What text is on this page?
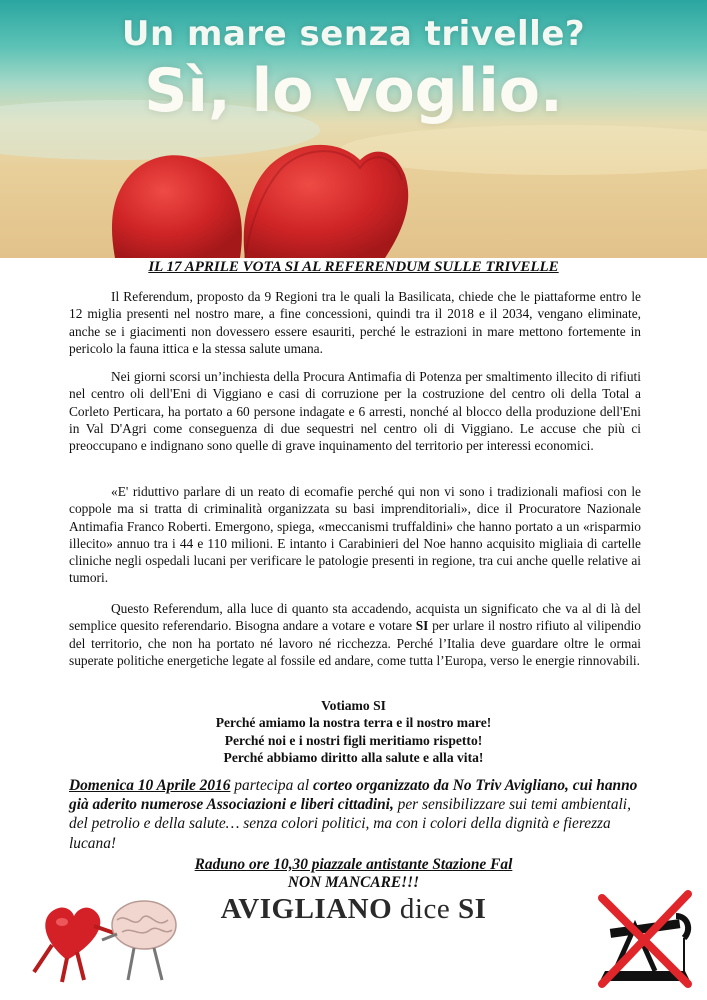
Un mare senza trivelle?
Sì, lo voglio.
IL 17 APRILE VOTA SI AL REFERENDUM SULLE TRIVELLE

Il Referendum, proposto da 9 Regioni tra le quali la Basilicata, chiede che le piattaforme entro le 12 miglia presenti nel nostro mare, a fine concessioni, quindi tra il 2018 e il 2034, vengano eliminate, anche se i giacimenti non dovessero essere esauriti, perché le estrazioni in mare mettono fortemente in pericolo la fauna ittica e la stessa salute umana.

Nei giorni scorsi un’inchiesta della Procura Antimafia di Potenza per smaltimento illecito di rifiuti nel centro oli dell'Eni di Viggiano e casi di corruzione per la costruzione del centro oli della Total a Corleto Perticara, ha portato a 60 persone indagate e 6 arresti, nonché al blocco della produzione dell'Eni in Val D'Agri come conseguenza di due sequestri nel centro oli di Viggiano. Le accuse che più ci preoccupano e indignano sono quelle di grave inquinamento del territorio per interessi economici.

«E' riduttivo parlare di un reato di ecomafie perché qui non vi sono i tradizionali mafiosi con le coppole ma si tratta di criminalità organizzata su basi imprenditoriali», dice il Procuratore Nazionale Antimafia Franco Roberti. Emergono, spiega, «meccanismi truffaldini» che hanno portato a un «risparmio illecito» annuo tra i 44 e 110 milioni. E intanto i Carabinieri del Noe hanno acquisito migliaia di cartelle cliniche negli ospedali lucani per verificare le patologie presenti in regione, tra cui anche quelle relative ai tumori.

Questo Referendum, alla luce di quanto sta accadendo, acquista un significato che va al di là del semplice quesito referendario. Bisogna andare a votare e votare SI per urlare il nostro rifiuto al vilipendio del territorio, che non ha portato né lavoro né ricchezza. Perché l’Italia deve guardare oltre le ormai superate politiche energetiche legate al fossile ed andare, come tutta l’Europa, verso le energie rinnovabili.

Votiamo SI
Perché amiamo la nostra terra e il nostro mare!
Perché noi e i nostri figli meritiamo rispetto!
Perché abbiamo diritto alla salute e alla vita!

Domenica 10 Aprile 2016 partecipa al corteo organizzato da No Triv Avigliano, cui hanno già aderito numerose Associazioni e liberi cittadini, per sensibilizzare sui temi ambientali, del petrolio e della salute… senza colori politici, ma con i colori della dignità e fierezza lucana!

Raduno ore 10,30 piazzale antistante Stazione Fal
NON MANCARE!!!
AVIGLIANO dice SI
